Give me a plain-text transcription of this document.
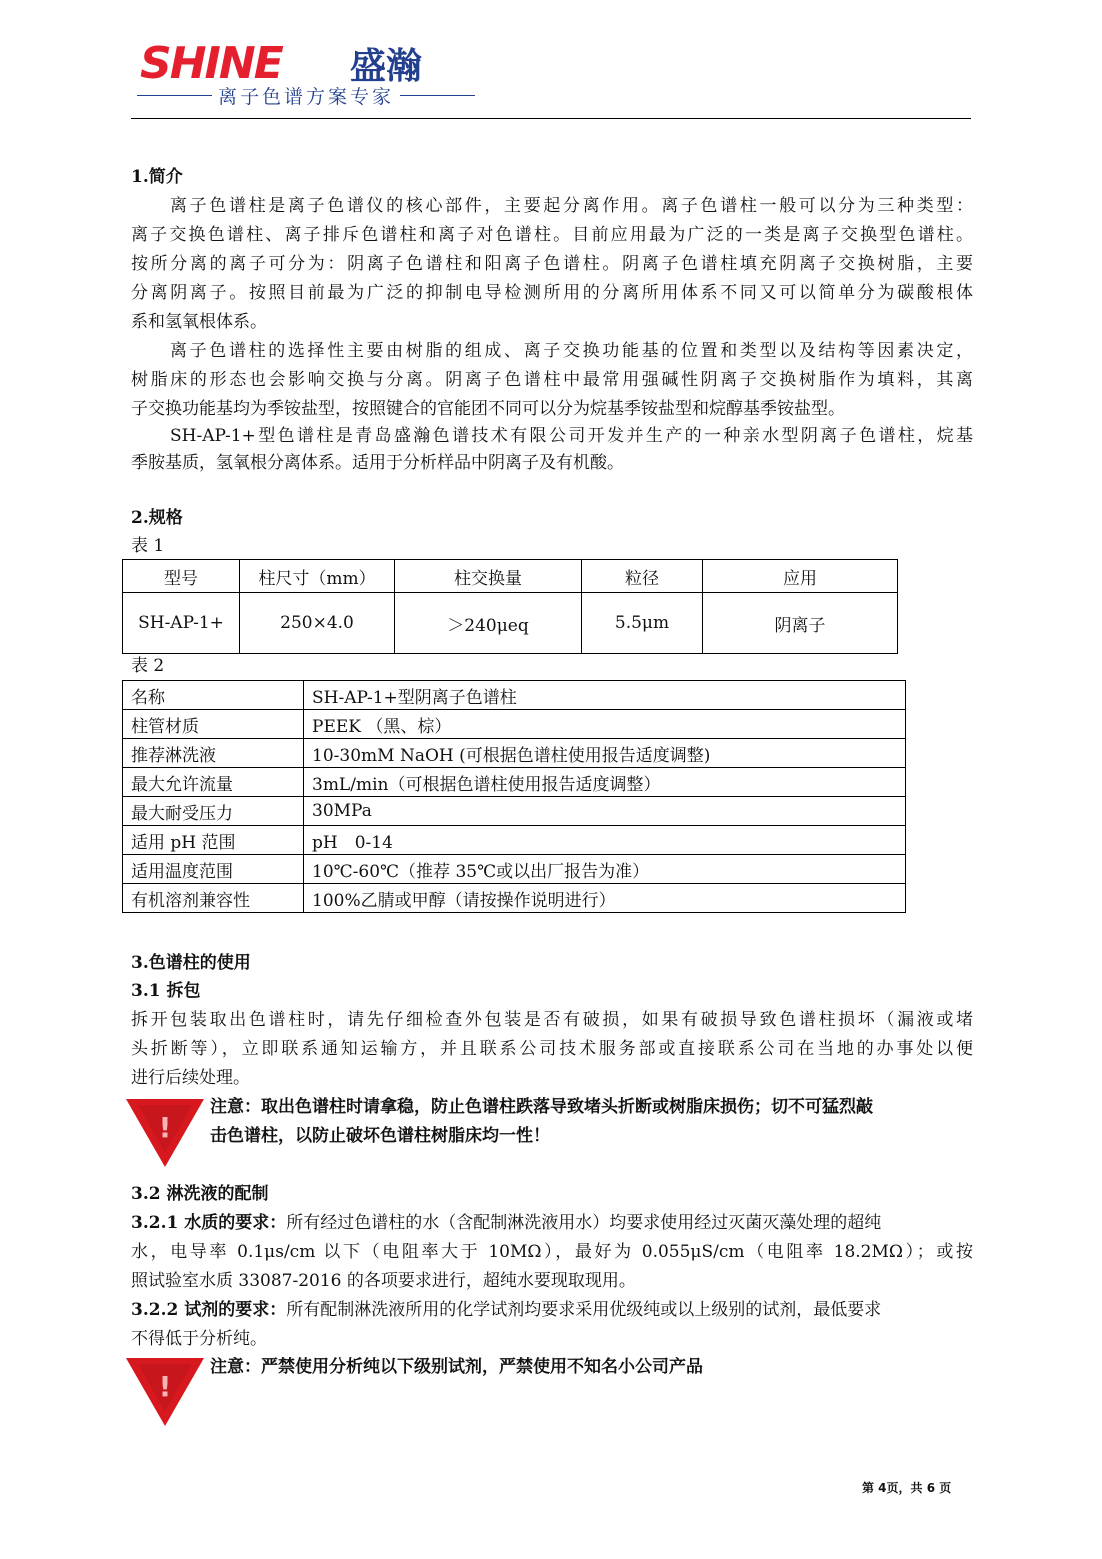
SHINE 盛瀚
离子色谱方案专家
1.简介
离子色谱柱是离子色谱仪的核心部件，主要起分离作用。离子色谱柱一般可以分为三种类型：
离子交换色谱柱、离子排斥色谱柱和离子对色谱柱。目前应用最为广泛的一类是离子交换型色谱柱。
按所分离的离子可分为：阴离子色谱柱和阳离子色谱柱。阴离子色谱柱填充阴离子交换树脂，主要
分离阴离子。按照目前最为广泛的抑制电导检测所用的分离所用体系不同又可以简单分为碳酸根体
系和氢氧根体系。
离子色谱柱的选择性主要由树脂的组成、离子交换功能基的位置和类型以及结构等因素决定，
树脂床的形态也会影响交换与分离。阴离子色谱柱中最常用强碱性阴离子交换树脂作为填料，其离
子交换功能基均为季铵盐型，按照键合的官能团不同可以分为烷基季铵盐型和烷醇基季铵盐型。
SH-AP-1+型色谱柱是青岛盛瀚色谱技术有限公司开发并生产的一种亲水型阴离子色谱柱，烷基
季胺基质，氢氧根分离体系。适用于分析样品中阴离子及有机酸。
2.规格
表 1
型号	柱尺寸（mm）	柱交换量	粒径	应用
SH-AP-1+	250×4.0	＞240μeq	5.5μm	阴离子
表 2
名称	SH-AP-1+型阴离子色谱柱
柱管材质	PEEK （黑、棕）
推荐淋洗液	10-30mM NaOH (可根据色谱柱使用报告适度调整)
最大允许流量	3mL/min（可根据色谱柱使用报告适度调整）
最大耐受压力	30MPa
适用 pH 范围	pH　0-14
适用温度范围	10℃-60℃（推荐 35℃或以出厂报告为准）
有机溶剂兼容性	100%乙腈或甲醇（请按操作说明进行）
3.色谱柱的使用
3.1 拆包
拆开包装取出色谱柱时，请先仔细检查外包装是否有破损，如果有破损导致色谱柱损坏（漏液或堵
头折断等），立即联系通知运输方，并且联系公司技术服务部或直接联系公司在当地的办事处以便
进行后续处理。
!
注意：取出色谱柱时请拿稳，防止色谱柱跌落导致堵头折断或树脂床损伤；切不可猛烈敲
击色谱柱，以防止破坏色谱柱树脂床均一性！
3.2 淋洗液的配制
3.2.1 水质的要求：所有经过色谱柱的水（含配制淋洗液用水）均要求使用经过灭菌灭藻处理的超纯
水，电导率 0.1μs/cm 以下（电阻率大于 10MΩ），最好为 0.055μS/cm（电阻率 18.2MΩ）；或按
照试验室水质 33087-2016 的各项要求进行，超纯水要现取现用。
3.2.2 试剂的要求：所有配制淋洗液所用的化学试剂均要求采用优级纯或以上级别的试剂，最低要求
不得低于分析纯。
!
注意：严禁使用分析纯以下级别试剂，严禁使用不知名小公司产品
第 4页，共 6 页
